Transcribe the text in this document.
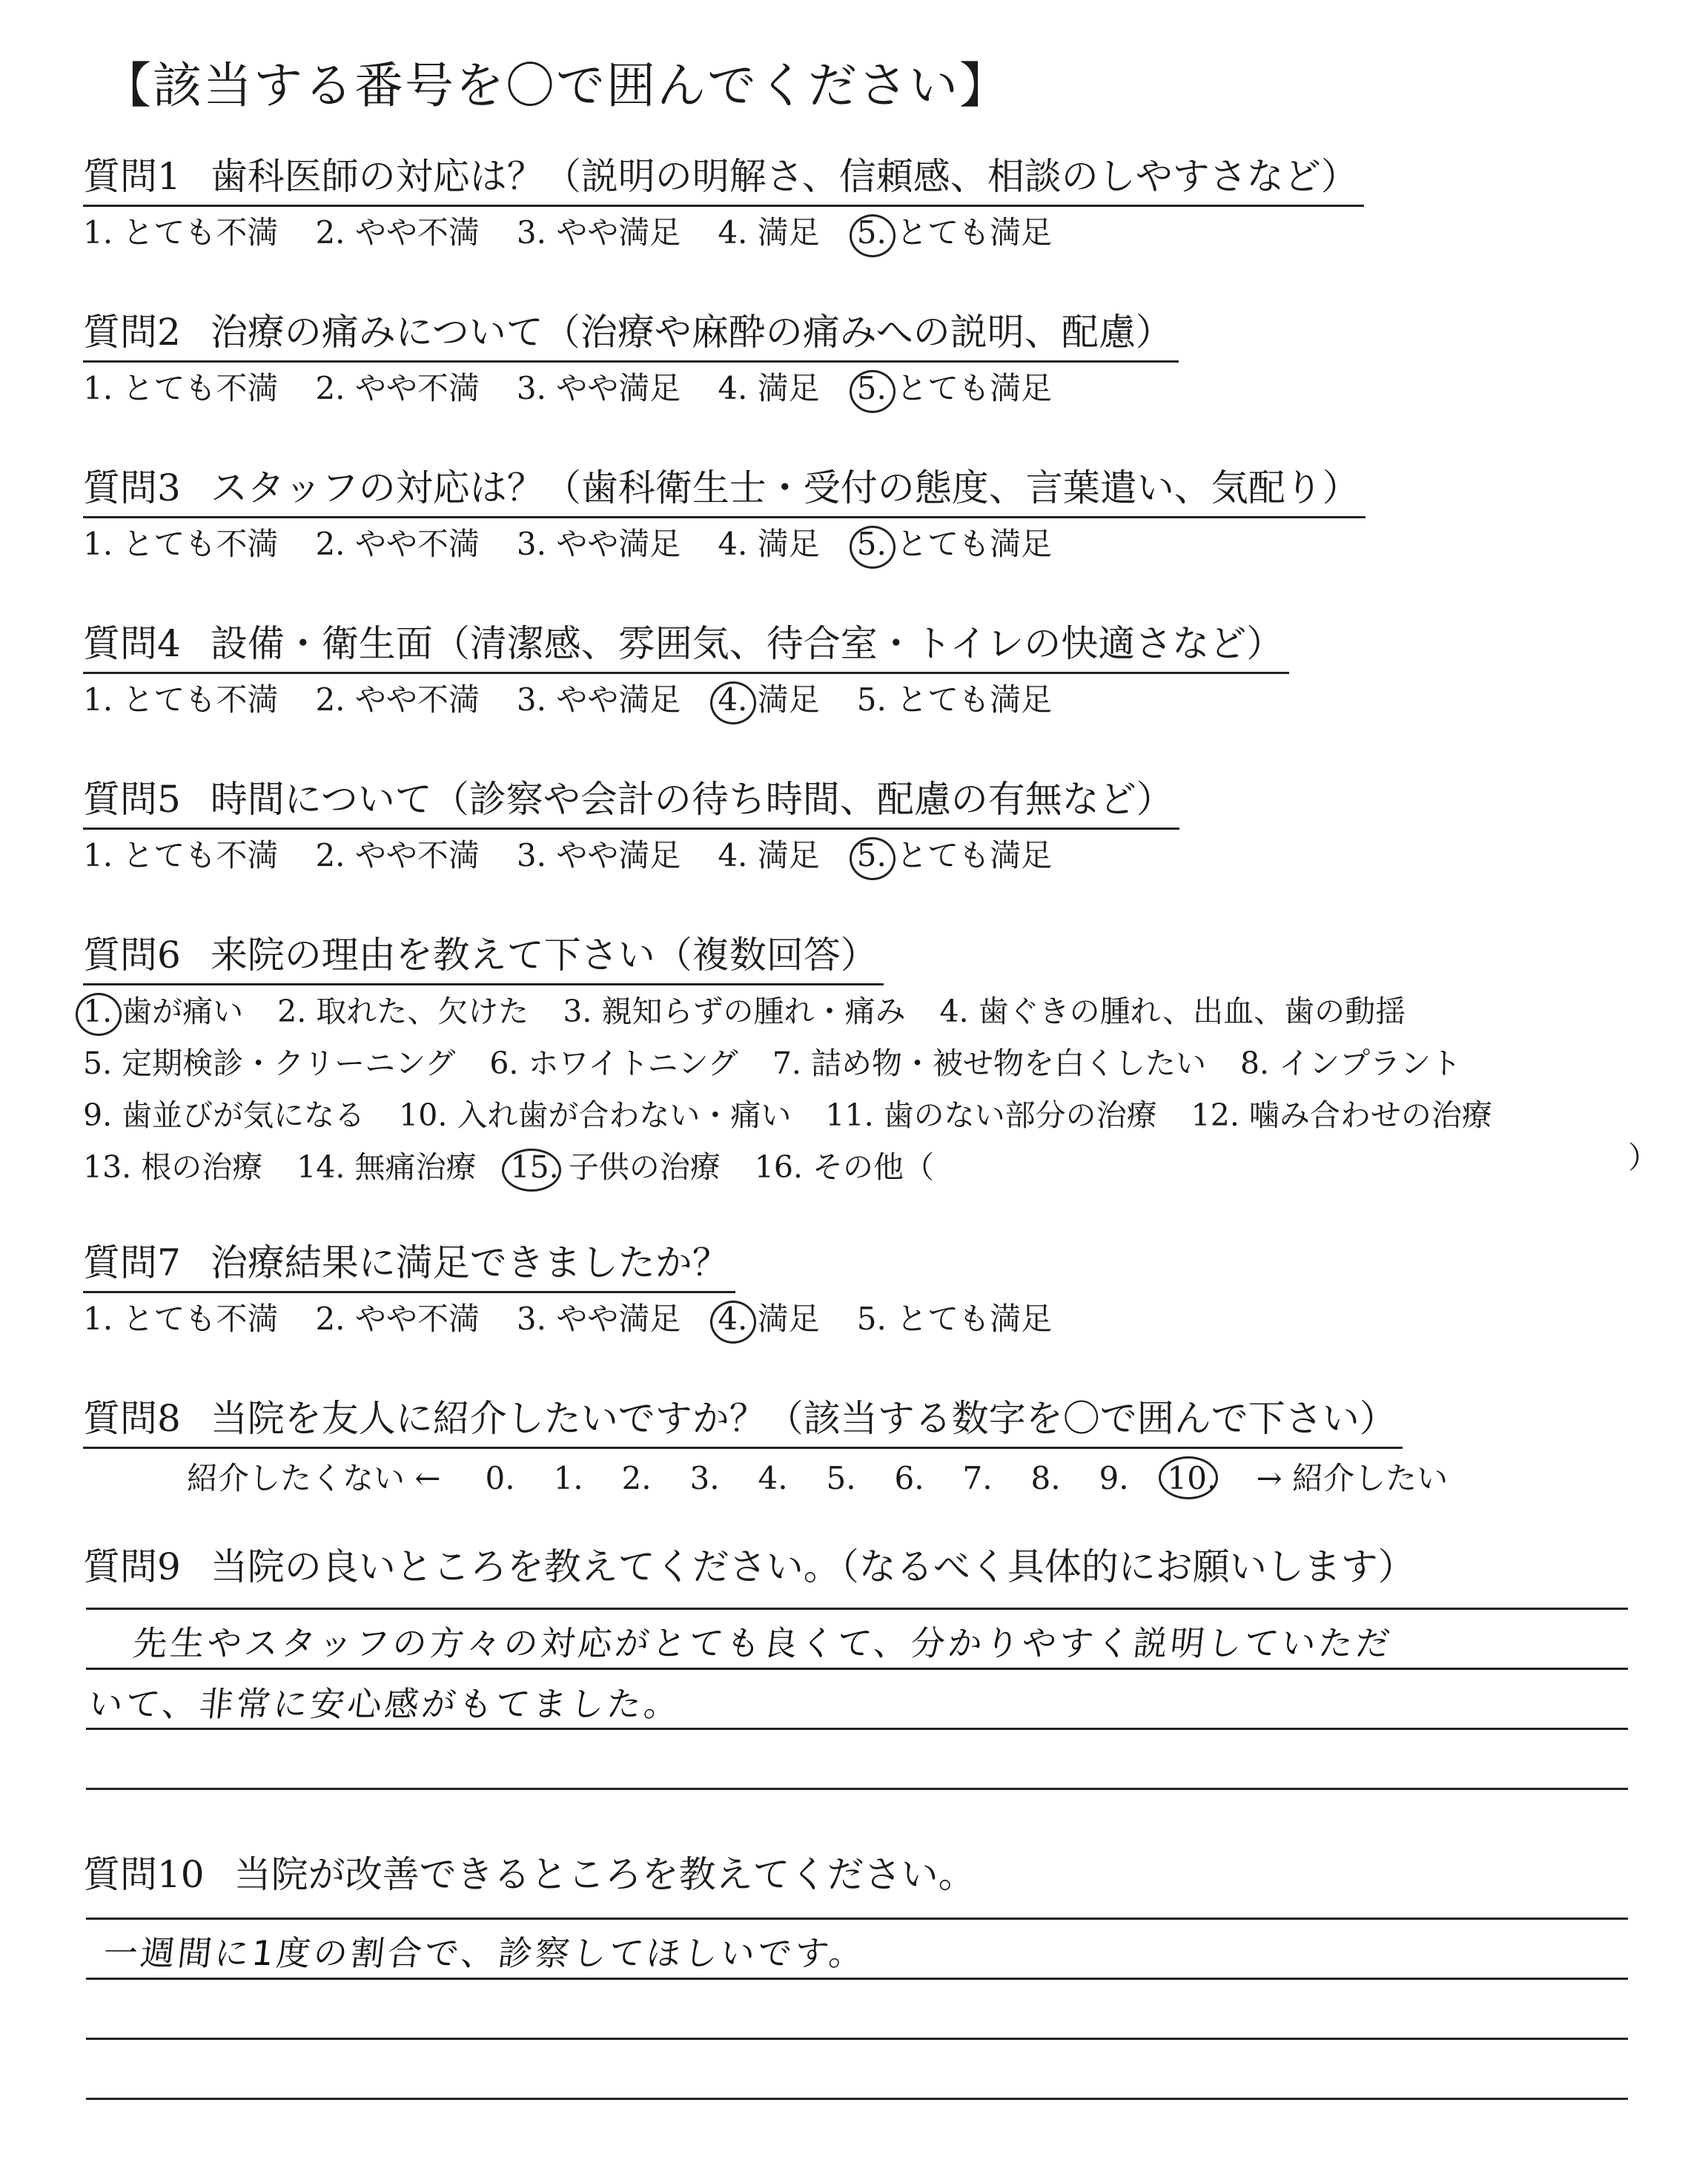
【該当する番号を〇で囲んでください】
質問1 歯科医師の対応は？（説明の明解さ、信頼感、相談のしやすさなど）
1. とても不満 2. やや不満 3. やや満足 4. 満足 5. とても満足
質問2 治療の痛みについて（治療や麻酔の痛みへの説明、配慮）
1. とても不満 2. やや不満 3. やや満足 4. 満足 5. とても満足
質問3 スタッフの対応は？（歯科衛生士・受付の態度、言葉遣い、気配り）
1. とても不満 2. やや不満 3. やや満足 4. 満足 5. とても満足
質問4 設備・衛生面（清潔感、雰囲気、待合室・トイレの快適さなど）
1. とても不満 2. やや不満 3. やや満足 4. 満足 5. とても満足
質問5 時間について（診察や会計の待ち時間、配慮の有無など）
1. とても不満 2. やや不満 3. やや満足 4. 満足 5. とても満足
質問6 来院の理由を教えて下さい（複数回答）
1. 歯が痛い 2. 取れた、欠けた 3. 親知らずの腫れ・痛み 4. 歯ぐきの腫れ、出血、歯の動揺
5. 定期検診・クリーニング 6. ホワイトニング 7. 詰め物・被せ物を白くしたい 8. インプラント
9. 歯並びが気になる 10. 入れ歯が合わない・痛い 11. 歯のない部分の治療 12. 噛み合わせの治療
13. 根の治療 14. 無痛治療 15. 子供の治療 16. その他（	）
質問7 治療結果に満足できましたか？
1. とても不満 2. やや不満 3. やや満足 4. 満足 5. とても満足
質問8 当院を友人に紹介したいですか？（該当する数字を〇で囲んで下さい）
紹介したくない ← 0. 1. 2. 3. 4. 5. 6. 7. 8. 9. 10. → 紹介したい
質問9 当院の良いところを教えてください。（なるべく具体的にお願いします）
先生やスタッフの方々の対応がとても良くて、分かりやすく説明していただ
いて、非常に安心感がもてました。
質問10 当院が改善できるところを教えてください。
一週間に1度の割合で、診察してほしいです。
